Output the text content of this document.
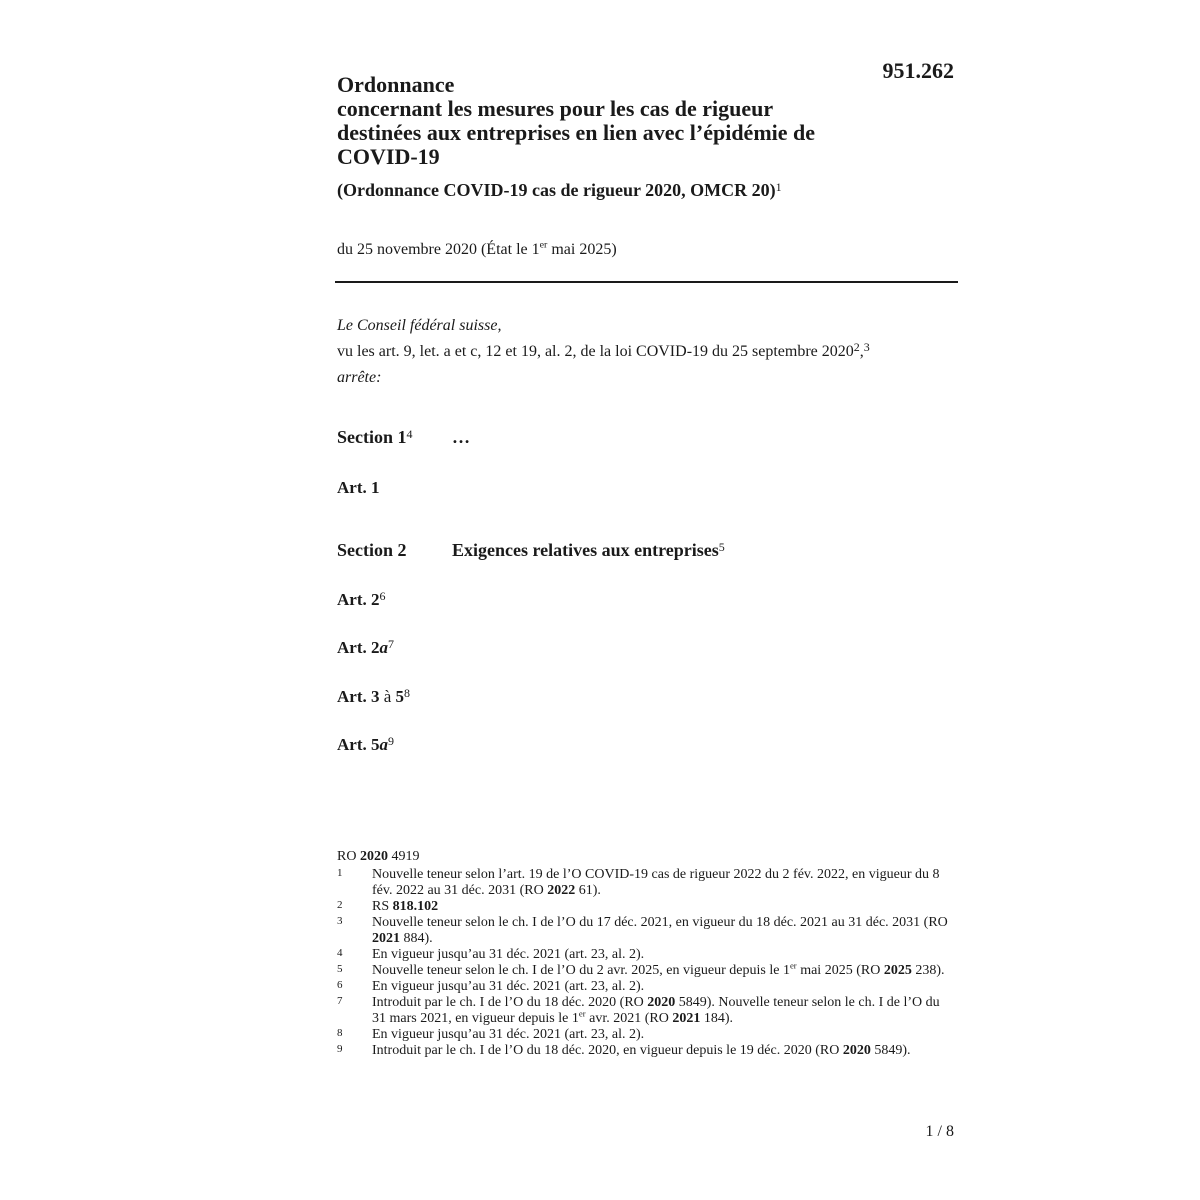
951.262
Ordonnance
concernant les mesures pour les cas de rigueur
destinées aux entreprises en lien avec l’épidémie de
COVID-19
(Ordonnance COVID-19 cas de rigueur 2020, OMCR 20)$^1$
du 25 novembre 2020 (État le 1er mai 2025)
Le Conseil fédéral suisse,
vu les art. 9, let. a et c, 12 et 19, al. 2, de la loi COVID-19 du 25 septembre 2020$^2$,$^3$
arrête:
Section $1^4$ …
Art. 1
Section 2	Exigences relatives aux entreprises$^5$
Art. $2^6$
Art. $2a^7$
Art. 3 à $5^8$
Art. $5a^9$
RO 2020 4919
1 Nouvelle teneur selon l’art. 19 de l’O COVID-19 cas de rigueur 2022 du 2 fév. 2022, en vigueur du 8 fév. 2022 au 31 déc. 2031 (RO 2022 61).
2 RS 818.102
3 Nouvelle teneur selon le ch. I de l’O du 17 déc. 2021, en vigueur du 18 déc. 2021 au 31 déc. 2031 (RO 2021 884).
4 En vigueur jusqu’au 31 déc. 2021 (art. 23, al. 2).
5 Nouvelle teneur selon le ch. I de l’O du 2 avr. 2025, en vigueur depuis le 1er mai 2025 (RO 2025 238).
6 En vigueur jusqu’au 31 déc. 2021 (art. 23, al. 2).
7 Introduit par le ch. I de l’O du 18 déc. 2020 (RO 2020 5849). Nouvelle teneur selon le ch. I de l’O du 31 mars 2021, en vigueur depuis le 1er avr. 2021 (RO 2021 184).
8 En vigueur jusqu’au 31 déc. 2021 (art. 23, al. 2).
9 Introduit par le ch. I de l’O du 18 déc. 2020, en vigueur depuis le 19 déc. 2020 (RO 2020 5849).
1 / 8
